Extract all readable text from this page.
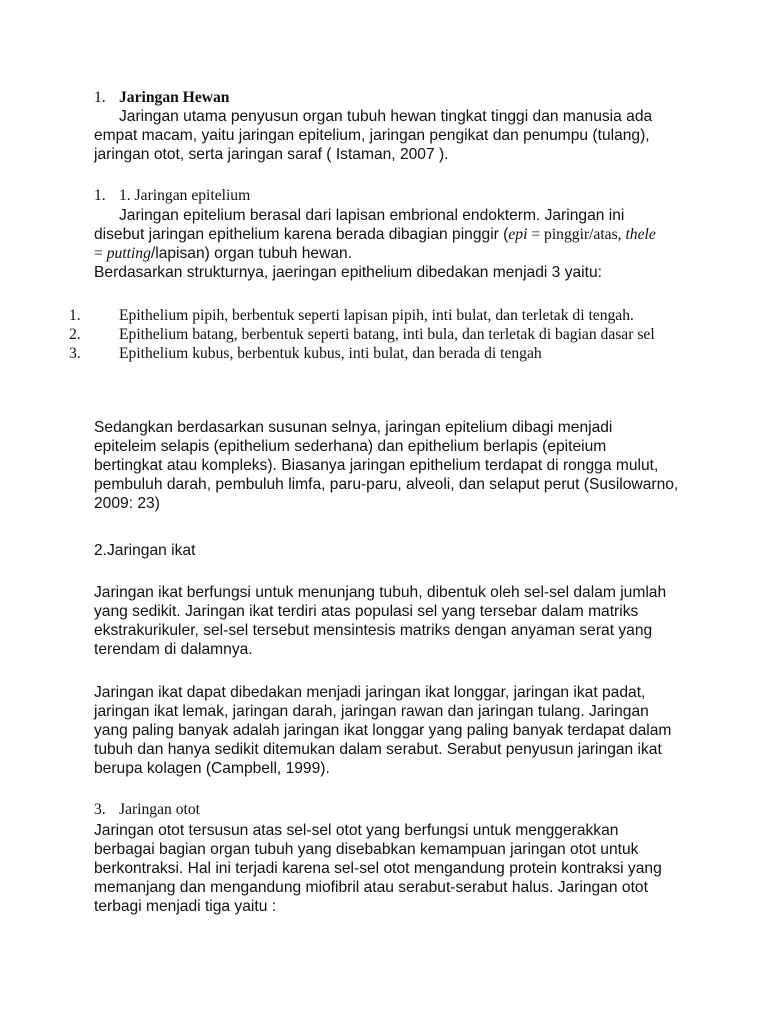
1. Jaringan Hewan
Jaringan utama penyusun organ tubuh hewan tingkat tinggi dan manusia ada empat macam, yaitu jaringan epitelium, jaringan pengikat dan penumpu (tulang), jaringan otot, serta jaringan saraf ( Istaman, 2007 ).
1. 1. Jaringan epitelium
Jaringan epitelium berasal dari lapisan embrional endokterm. Jaringan ini disebut jaringan epithelium karena berada dibagian pinggir (epi = pinggir/atas, thele = putting/lapisan) organ tubuh hewan.
Berdasarkan strukturnya, jaeringan epithelium dibedakan menjadi 3 yaitu:
1. Epithelium pipih, berbentuk seperti lapisan pipih, inti bulat, dan terletak di tengah.
2. Epithelium batang, berbentuk seperti batang, inti bula, dan terletak di bagian dasar sel
3. Epithelium kubus, berbentuk kubus, inti bulat, dan berada di tengah
Sedangkan berdasarkan susunan selnya, jaringan epitelium dibagi menjadi epiteleim selapis (epithelium sederhana) dan epithelium berlapis (epiteium bertingkat atau kompleks). Biasanya jaringan epithelium terdapat di rongga mulut, pembuluh darah, pembuluh limfa, paru-paru, alveoli, dan selaput perut (Susilowarno, 2009: 23)
2.Jaringan ikat
Jaringan ikat berfungsi untuk menunjang tubuh, dibentuk oleh sel-sel dalam jumlah yang sedikit. Jaringan ikat terdiri atas populasi sel yang tersebar dalam matriks ekstrakurikuler, sel-sel tersebut mensintesis matriks dengan anyaman serat yang terendam di dalamnya.
Jaringan ikat dapat dibedakan menjadi jaringan ikat longgar, jaringan ikat padat, jaringan ikat lemak, jaringan darah, jaringan rawan dan jaringan tulang. Jaringan yang paling banyak adalah jaringan ikat longgar yang paling banyak terdapat dalam tubuh dan hanya sedikit ditemukan dalam serabut. Serabut penyusun jaringan ikat berupa kolagen (Campbell, 1999).
3. Jaringan otot
Jaringan otot tersusun atas sel-sel otot yang berfungsi untuk menggerakkan berbagai bagian organ tubuh yang disebabkan kemampuan jaringan otot untuk berkontraksi. Hal ini terjadi karena sel-sel otot mengandung protein kontraksi yang memanjang dan mengandung miofibril atau serabut-serabut halus. Jaringan otot terbagi menjadi tiga yaitu :
